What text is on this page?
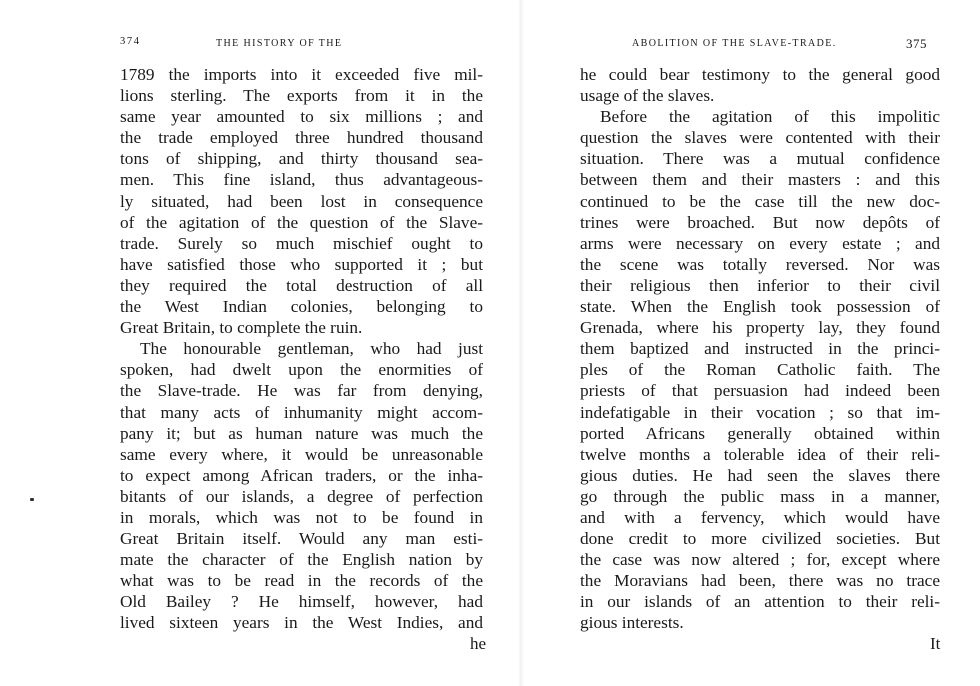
374	THE HISTORY OF THE
1789 the imports into it exceeded five mil-
lions sterling. The exports from it in the
same year amounted to six millions ; and
the trade employed three hundred thousand
tons of shipping, and thirty thousand sea-
men. This fine island, thus advantageous-
ly situated, had been lost in consequence
of the agitation of the question of the Slave-
trade. Surely so much mischief ought to
have satisfied those who supported it ; but
they required the total destruction of all
the West Indian colonies, belonging to
Great Britain, to complete the ruin.
The honourable gentleman, who had just
spoken, had dwelt upon the enormities of
the Slave-trade. He was far from denying,
that many acts of inhumanity might accom-
pany it; but as human nature was much the
same every where, it would be unreasonable
to expect among African traders, or the inha-
bitants of our islands, a degree of perfection
in morals, which was not to be found in
Great Britain itself. Would any man esti-
mate the character of the English nation by
what was to be read in the records of the
Old Bailey ? He himself, however, had
lived sixteen years in the West Indies, and
he
ABOLITION OF THE SLAVE-TRADE.	375
he could bear testimony to the general good
usage of the slaves.
Before the agitation of this impolitic
question the slaves were contented with their
situation. There was a mutual confidence
between them and their masters : and this
continued to be the case till the new doc-
trines were broached. But now depôts of
arms were necessary on every estate ; and
the scene was totally reversed. Nor was
their religious then inferior to their civil
state. When the English took possession of
Grenada, where his property lay, they found
them baptized and instructed in the princi-
ples of the Roman Catholic faith. The
priests of that persuasion had indeed been
indefatigable in their vocation ; so that im-
ported Africans generally obtained within
twelve months a tolerable idea of their reli-
gious duties. He had seen the slaves there
go through the public mass in a manner,
and with a fervency, which would have
done credit to more civilized societies. But
the case was now altered ; for, except where
the Moravians had been, there was no trace
in our islands of an attention to their reli-
gious interests.
It
